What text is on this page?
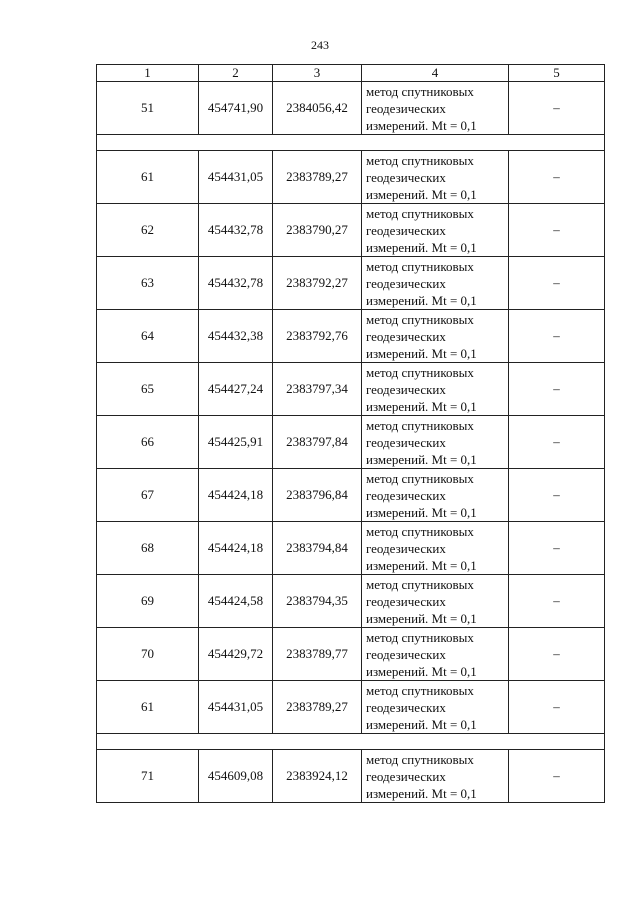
243
1	2	3	4	5
51	454741,90	2384056,42	метод спутниковых
геодезических
измерений. Mt = 0,1	–

61	454431,05	2383789,27	метод спутниковых
геодезических
измерений. Mt = 0,1	–
62	454432,78	2383790,27	метод спутниковых
геодезических
измерений. Mt = 0,1	–
63	454432,78	2383792,27	метод спутниковых
геодезических
измерений. Mt = 0,1	–
64	454432,38	2383792,76	метод спутниковых
геодезических
измерений. Mt = 0,1	–
65	454427,24	2383797,34	метод спутниковых
геодезических
измерений. Mt = 0,1	–
66	454425,91	2383797,84	метод спутниковых
геодезических
измерений. Mt = 0,1	–
67	454424,18	2383796,84	метод спутниковых
геодезических
измерений. Mt = 0,1	–
68	454424,18	2383794,84	метод спутниковых
геодезических
измерений. Mt = 0,1	–
69	454424,58	2383794,35	метод спутниковых
геодезических
измерений. Mt = 0,1	–
70	454429,72	2383789,77	метод спутниковых
геодезических
измерений. Mt = 0,1	–
61	454431,05	2383789,27	метод спутниковых
геодезических
измерений. Mt = 0,1	–

71	454609,08	2383924,12	метод спутниковых
геодезических
измерений. Mt = 0,1	–
